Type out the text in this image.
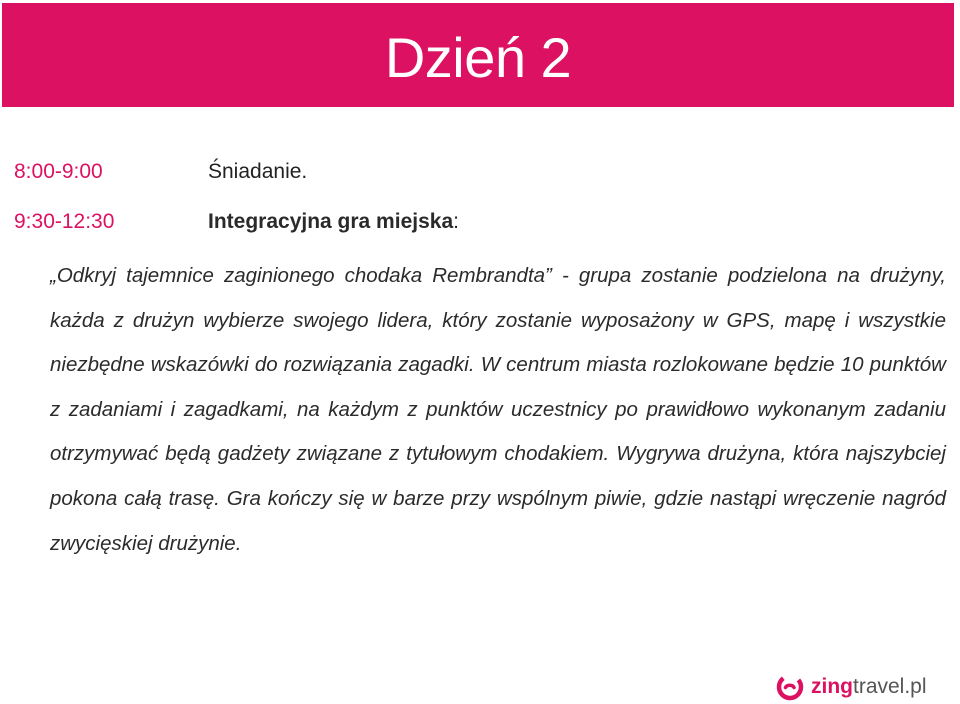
Dzień 2
8:00-9:00	Śniadanie.
9:30-12:30	Integracyjna gra miejska:

„Odkryj tajemnice zaginionego chodaka Rembrandta” - grupa zostanie podzielona na drużyny, każda z drużyn wybierze swojego lidera, który zostanie wyposażony w GPS, mapę i wszystkie niezbędne wskazówki do rozwiązania zagadki. W centrum miasta rozlokowane będzie 10 punktów z zadaniami i zagadkami, na każdym z punktów uczestnicy po prawidłowo wykonanym zadaniu otrzymywać będą gadżety związane z tytułowym chodakiem. Wygrywa drużyna, która najszybciej pokona całą trasę. Gra kończy się w barze przy wspólnym piwie, gdzie nastąpi wręczenie nagród zwycięskiej drużynie.

zingtravel.pl
